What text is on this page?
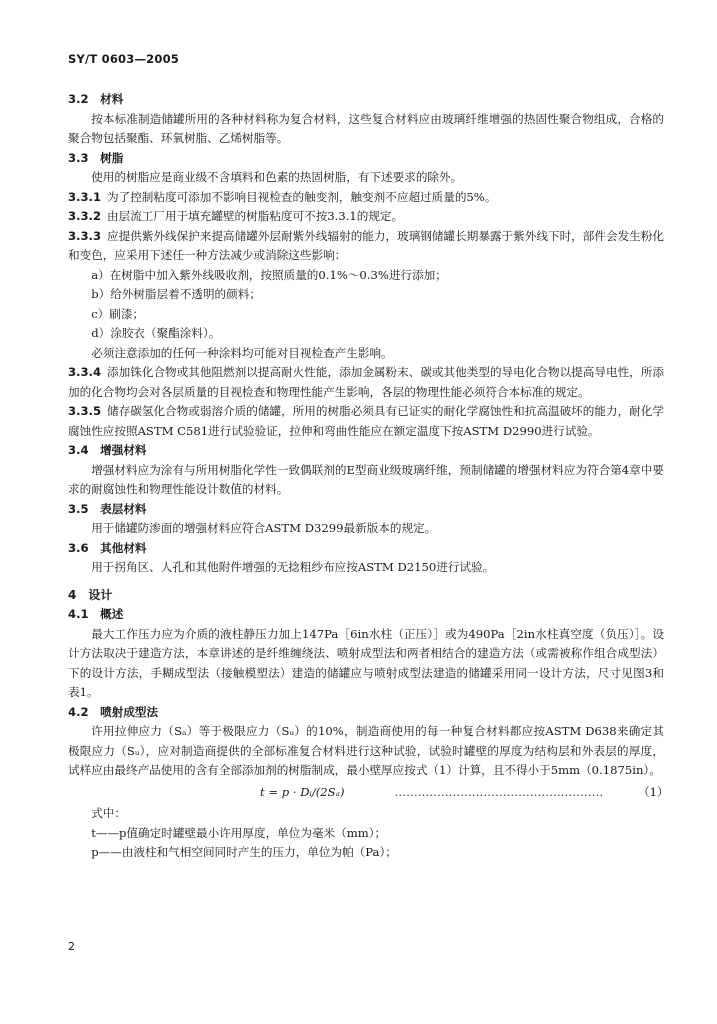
SY/T 0603—2005

3.2　材料

按本标准制造储罐所用的各种材料称为复合材料，这些复合材料应由玻璃纤维增强的热固性聚合物组成，合格的聚合物包括聚酯、环氧树脂、乙烯树脂等。

3.3　树脂

使用的树脂应是商业级不含填料和色素的热固树脂，有下述要求的除外。

3.3.1 为了控制粘度可添加不影响目视检查的触变剂，触变剂不应超过质量的5%。

3.3.2 由层流工厂用于填充罐壁的树脂粘度可不按3.3.1的规定。

3.3.3 应提供紫外线保护来提高储罐外层耐紫外线辐射的能力，玻璃钢储罐长期暴露于紫外线下时，部件会发生粉化和变色，应采用下述任一种方法减少或消除这些影响：

a）在树脂中加入紫外线吸收剂，按照质量的0.1%～0.3%进行添加；

b）给外树脂层着不透明的颜料；

c）刷漆；

d）涂胶衣（聚酯涂料）。

必须注意添加的任何一种涂料均可能对目视检查产生影响。

3.3.4 添加铢化合物或其他阻燃剂以提高耐火性能，添加金属粉末、碳或其他类型的导电化合物以提高导电性，所添加的化合物均会对各层质量的目视检查和物理性能产生影响，各层的物理性能必须符合本标准的规定。

3.3.5 储存碳氢化合物或弱溶介质的储罐，所用的树脂必须具有已证实的耐化学腐蚀性和抗高温破坏的能力，耐化学腐蚀性应按照ASTM C581进行试验验证，拉伸和弯曲性能应在额定温度下按ASTM D2990进行试验。

3.4　增强材料

增强材料应为涂有与所用树脂化学性一致偶联剂的E型商业级玻璃纤维，预制储罐的增强材料应为符合第4章中要求的耐腐蚀性和物理性能设计数值的材料。

3.5　表层材料

用于储罐防渗面的增强材料应符合ASTM D3299最新版本的规定。

3.6　其他材料

用于拐角区、人孔和其他附件增强的无捻粗纱布应按ASTM D2150进行试验。

4　设计

4.1　概述

最大工作压力应为介质的液柱静压力加上147Pa［6in水柱（正压）］或为490Pa［2in水柱真空度（负压）］。设计方法取决于建造方法，本章讲述的是纤维缠绕法、喷射成型法和两者相结合的建造方法（或需被称作组合成型法）下的设计方法，手糊成型法（接触模塑法）建造的储罐应与喷射成型法建造的储罐采用同一设计方法，尺寸见图3和表1。

4.2　喷射成型法

许用拉伸应力（Sₐ）等于极限应力（Sᵤ）的10%，制造商使用的每一种复合材料都应按ASTM D638来确定其极限应力（Sᵤ），应对制造商提供的全部标准复合材料进行这种试验，试验时罐壁的厚度为结构层和外表层的厚度，试样应由最终产品使用的含有全部添加剂的树脂制成，最小壁厚应按式（1）计算，且不得小于5mm（0.1875in）。

t = p · Dᵢ/(2Sₐ)	………………………………………………	（1）

式中：

t——p值确定时罐壁最小许用厚度，单位为毫米（mm）；

p——由液柱和气相空间同时产生的压力，单位为帕（Pa）；

2
